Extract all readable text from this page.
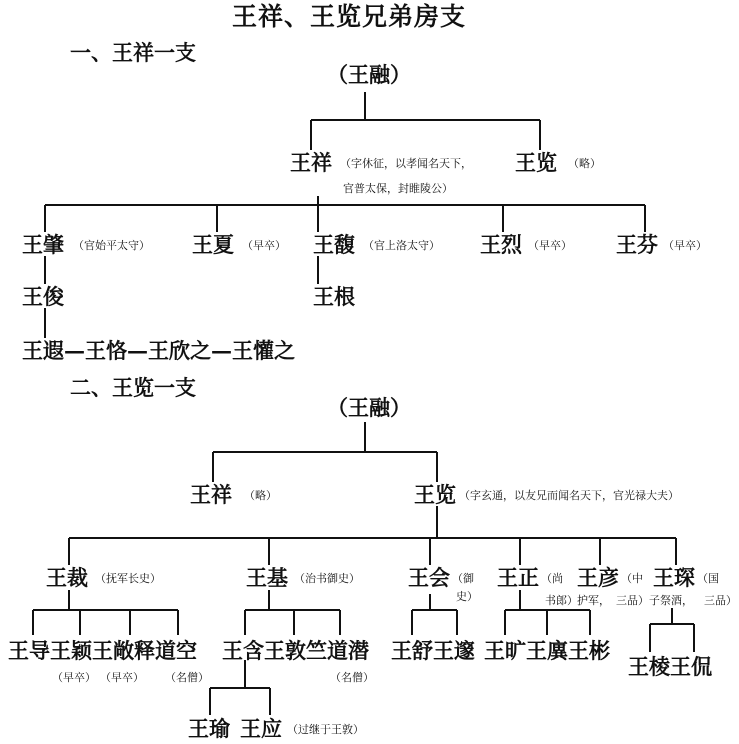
王祥、王览兄弟房支
一、王祥一支
（王融）
王祥 （字休征，以孝闻名天下，
官普太保，封睢陵公）
王览 （略）
王肇 （官始平太守） 王夏 （早卒） 王馥 （官上洛太守） 王烈 （早卒） 王芬 （早卒）
王俊	王根
王遐—王恪—王欣之—王懽之
二、王览一支
（王融）
王祥 （略）	王览 （字玄通，以友兄而闻名天下，官光禄大夫）
王裁 （抚军长史）	王基 （治书御史） 王会 （御
史）
王正 （尚
书郎）
王彦 （中
护军，
王琛 （国
三品）子祭酒， 三品）
王导王颖王敞释道空
（早卒） （早卒） （名僧）
王含王敦竺道潜
（名僧）
王舒王邃 王旷王廙王彬
王棱王侃
王瑜 王应 （过继于王敦）
